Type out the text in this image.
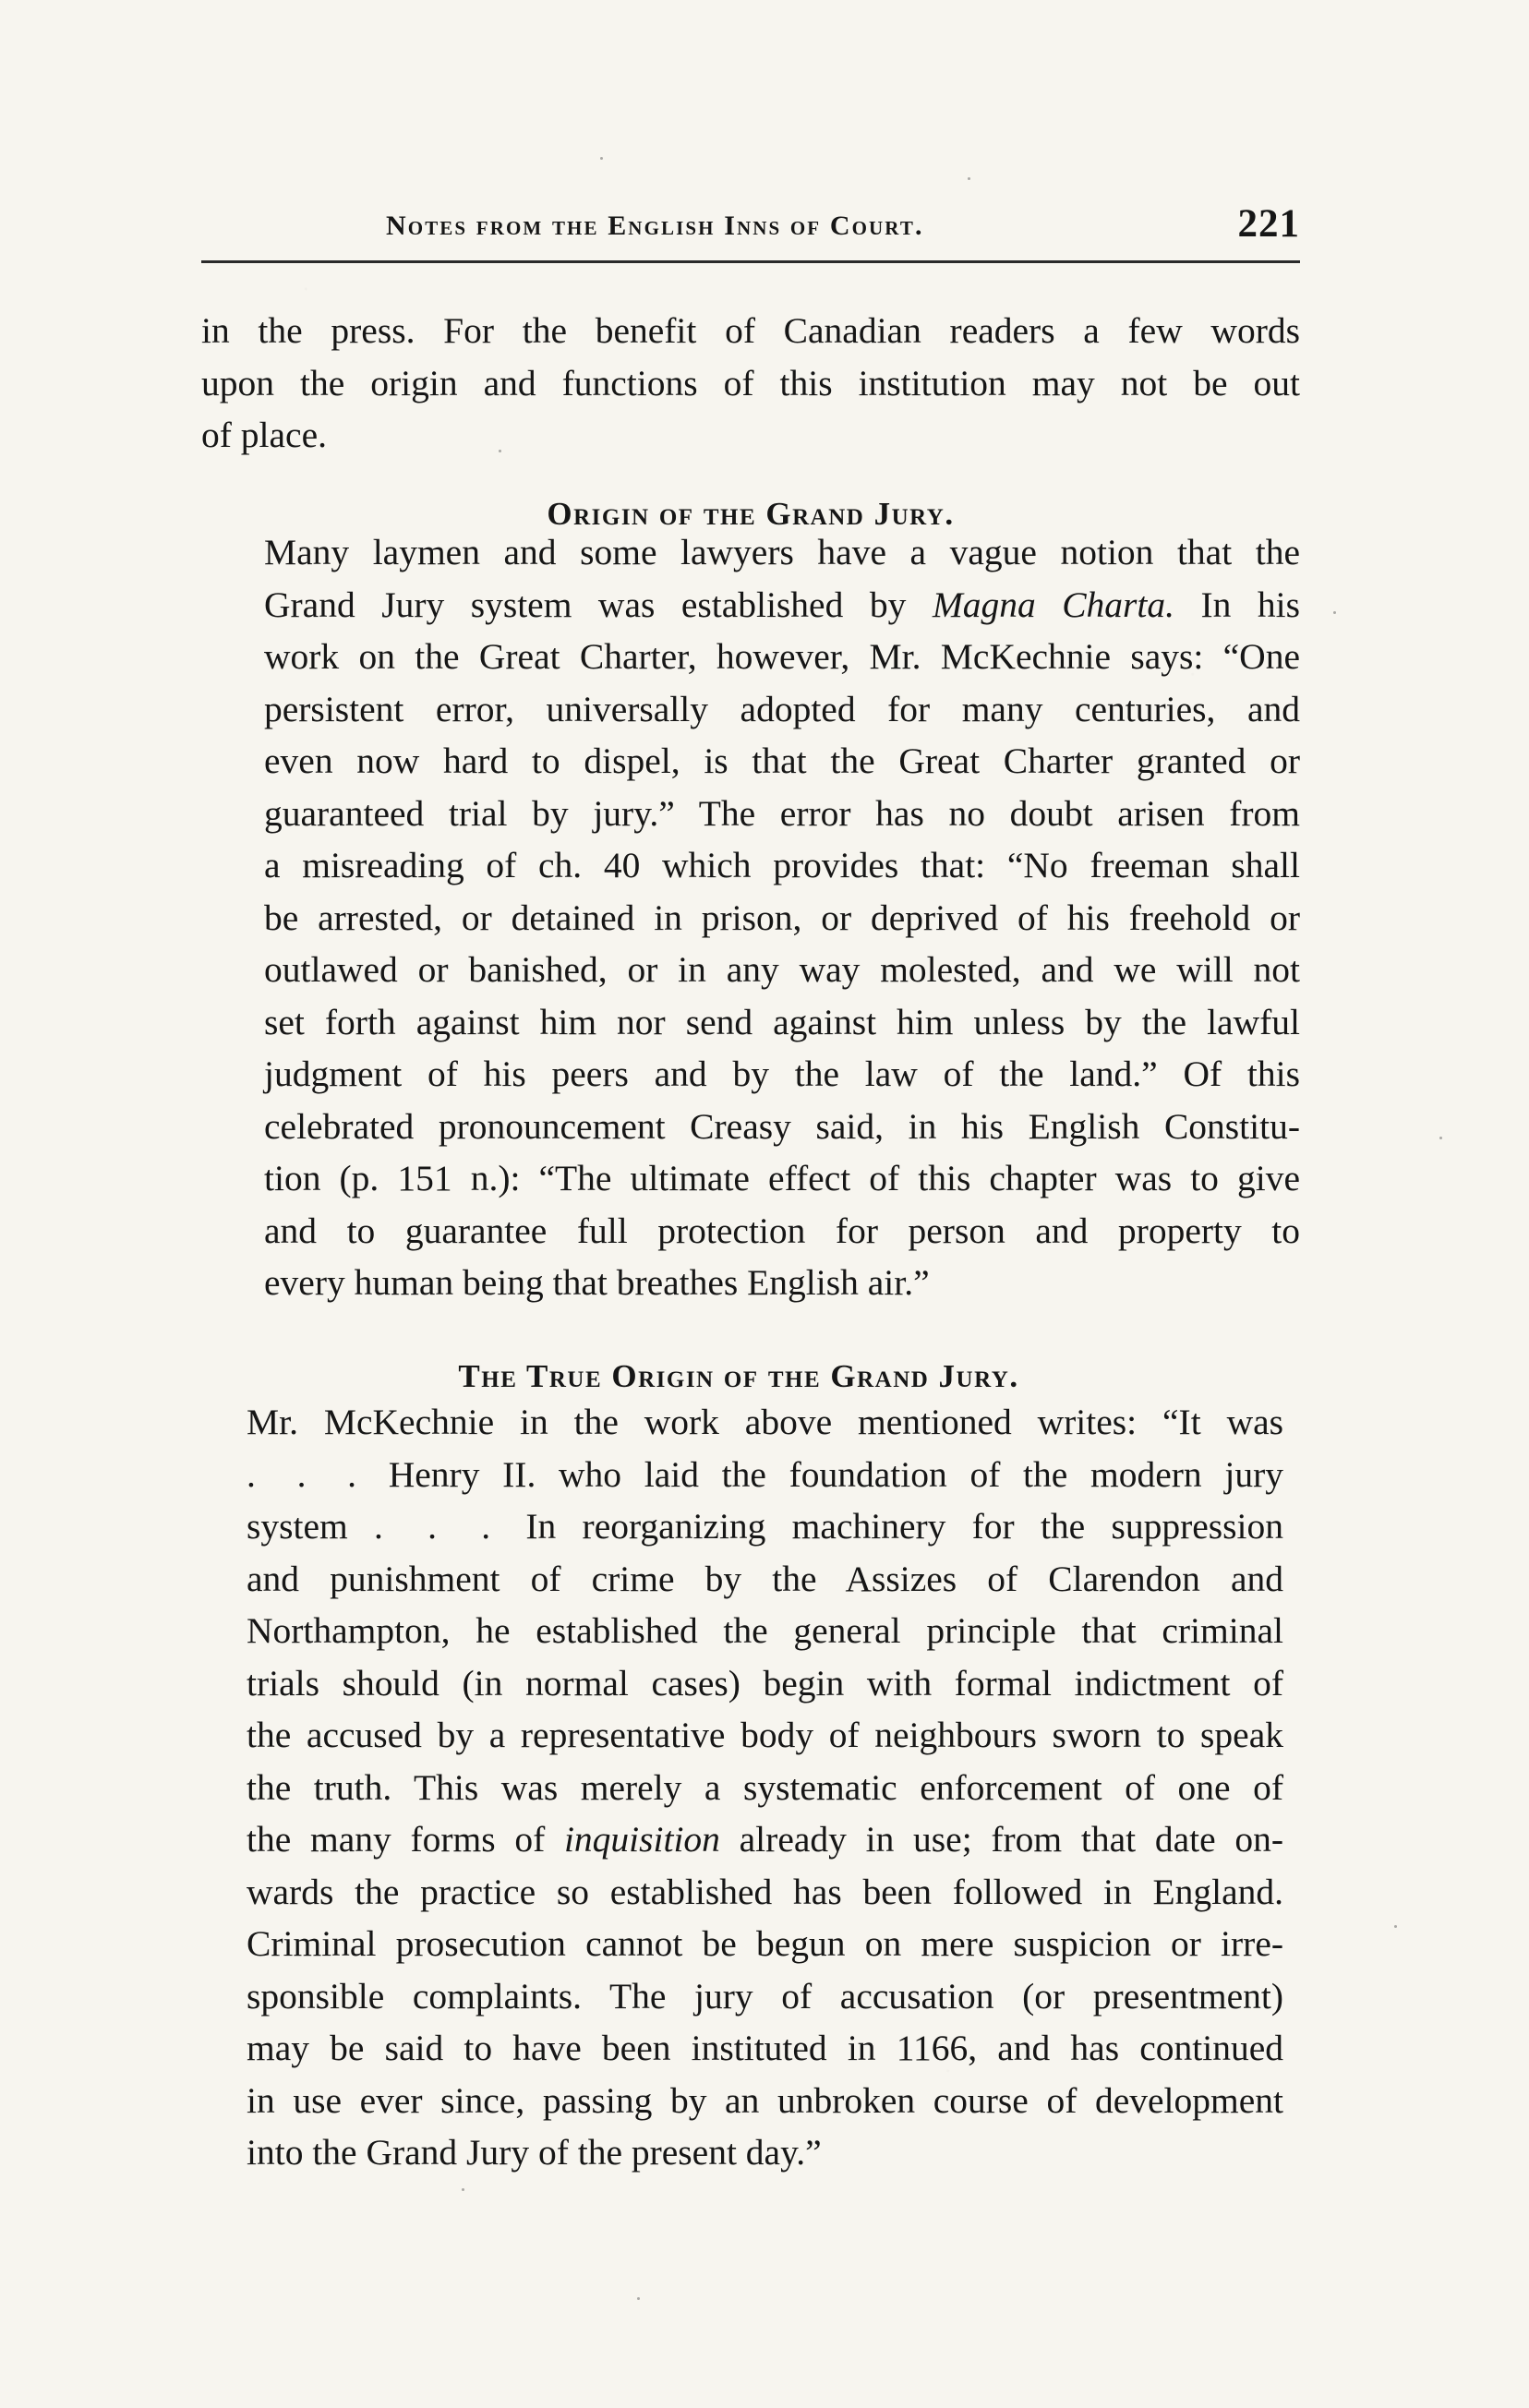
Notes from the English Inns of Court.	221
in the press. For the benefit of Canadian readers a few words
upon the origin and functions of this institution may not be out
of place.
Origin of the Grand Jury.
Many laymen and some lawyers have a vague notion that the
Grand Jury system was established by Magna Charta. In his
work on the Great Charter, however, Mr. McKechnie says: “One
persistent error, universally adopted for many centuries, and
even now hard to dispel, is that the Great Charter granted or
guaranteed trial by jury.” The error has no doubt arisen from
a misreading of ch. 40 which provides that: “No freeman shall
be arrested, or detained in prison, or deprived of his freehold or
outlawed or banished, or in any way molested, and we will not
set forth against him nor send against him unless by the lawful
judgment of his peers and by the law of the land.” Of this
celebrated pronouncement Creasy said, in his English Constitu-
tion (p. 151 n.): “The ultimate effect of this chapter was to give
and to guarantee full protection for person and property to
every human being that breathes English air.”
The True Origin of the Grand Jury.
Mr. McKechnie in the work above mentioned writes: “It was
. . . Henry II. who laid the foundation of the modern jury
system . . . In reorganizing machinery for the suppression
and punishment of crime by the Assizes of Clarendon and
Northampton, he established the general principle that criminal
trials should (in normal cases) begin with formal indictment of
the accused by a representative body of neighbours sworn to speak
the truth. This was merely a systematic enforcement of one of
the many forms of inquisition already in use; from that date on-
wards the practice so established has been followed in England.
Criminal prosecution cannot be begun on mere suspicion or irre-
sponsible complaints. The jury of accusation (or presentment)
may be said to have been instituted in 1166, and has continued
in use ever since, passing by an unbroken course of development
into the Grand Jury of the present day.”
